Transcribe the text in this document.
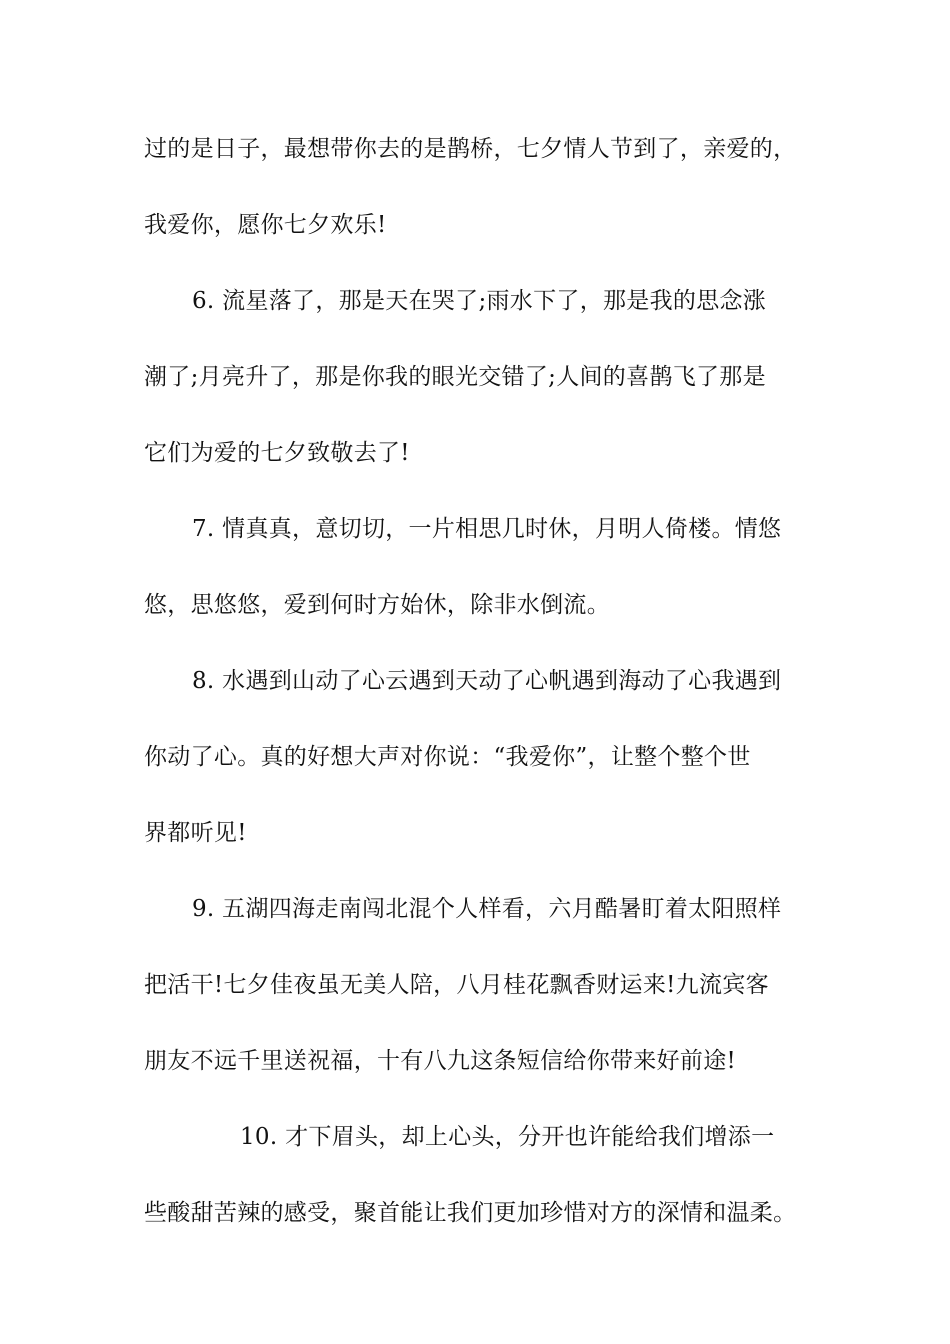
过的是日子，最想带你去的是鹊桥，七夕情人节到了，亲爱的，
我爱你，愿你七夕欢乐!
6. 流星落了，那是天在哭了;雨水下了，那是我的思念涨
潮了;月亮升了，那是你我的眼光交错了;人间的喜鹊飞了那是
它们为爱的七夕致敬去了!
7. 情真真，意切切，一片相思几时休，月明人倚楼。情悠
悠，思悠悠，爱到何时方始休，除非水倒流。
8. 水遇到山动了心云遇到天动了心帆遇到海动了心我遇到
你动了心。真的好想大声对你说：“我爱你”，让整个整个世
界都听见!
9. 五湖四海走南闯北混个人样看，六月酷暑盯着太阳照样
把活干!七夕佳夜虽无美人陪，八月桂花飘香财运来!九流宾客
朋友不远千里送祝福，十有八九这条短信给你带来好前途!
10. 才下眉头，却上心头，分开也许能给我们增添一
些酸甜苦辣的感受，聚首能让我们更加珍惜对方的深情和温柔。
